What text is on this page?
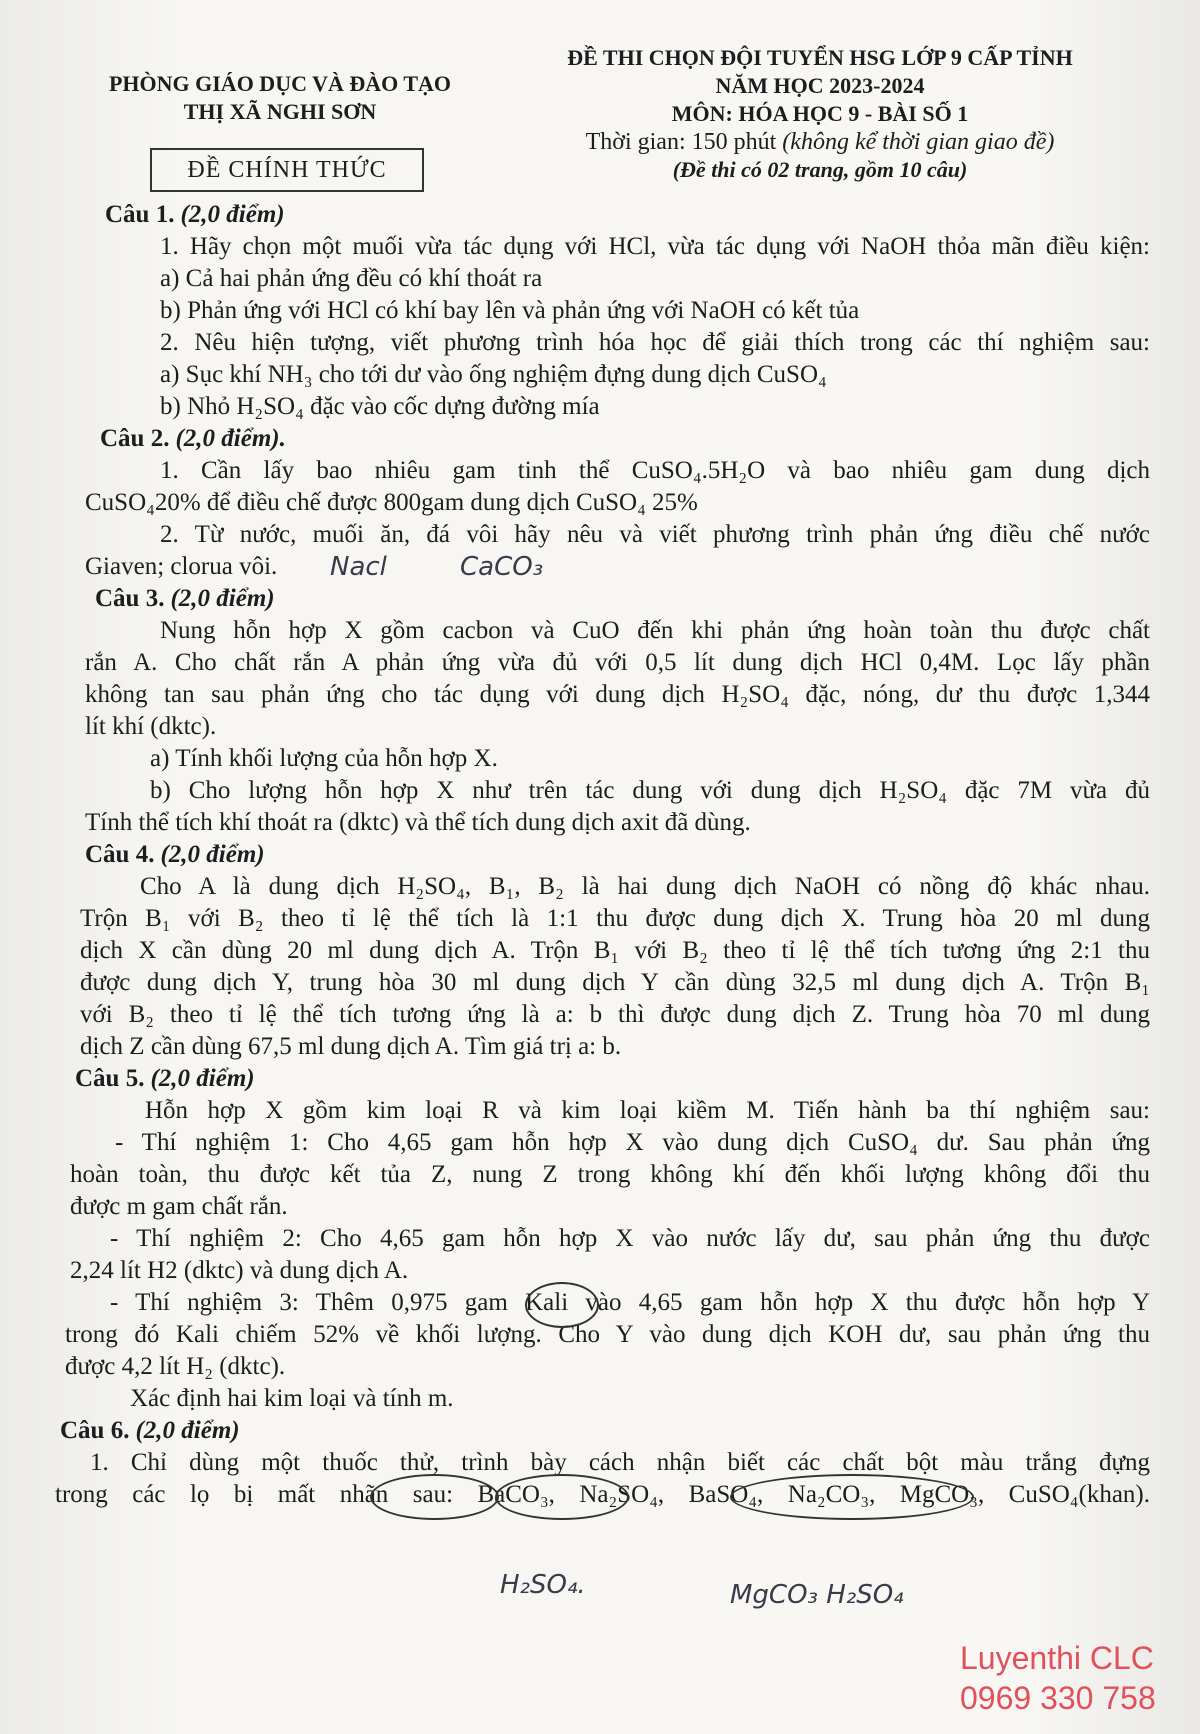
PHÒNG GIÁO DỤC VÀ ĐÀO TẠO
THỊ XÃ NGHI SƠN
ĐỀ CHÍNH THỨC
ĐỀ THI CHỌN ĐỘI TUYỂN HSG LỚP 9 CẤP TỈNH
NĂM HỌC 2023-2024
MÔN: HÓA HỌC 9 - BÀI SỐ 1
Thời gian: 150 phút (không kể thời gian giao đề)
(Đề thi có 02 trang, gồm 10 câu)
Câu 1. (2,0 điểm)
1. Hãy chọn một muối vừa tác dụng với HCl, vừa tác dụng với NaOH thỏa mãn điều kiện:
a) Cả hai phản ứng đều có khí thoát ra
b) Phản ứng với HCl có khí bay lên và phản ứng với NaOH có kết tủa
2. Nêu hiện tượng, viết phương trình hóa học để giải thích trong các thí nghiệm sau:
a) Sục khí NH₃ cho tới dư vào ống nghiệm đựng dung dịch CuSO₄
b) Nhỏ H₂SO₄ đặc vào cốc dựng đường mía
Câu 2. (2,0 điểm).
1. Cần lấy bao nhiêu gam tinh thể CuSO₄.5H₂O và bao nhiêu gam dung dịch
CuSO₄20% để điều chế được 800gam dung dịch CuSO₄ 25%
2. Từ nước, muối ăn, đá vôi hãy nêu và viết phương trình phản ứng điều chế nước
Giaven; clorua vôi.
Câu 3. (2,0 điểm)
Nung hỗn hợp X gồm cacbon và CuO đến khi phản ứng hoàn toàn thu được chất
rắn A. Cho chất rắn A phản ứng vừa đủ với 0,5 lít dung dịch HCl 0,4M. Lọc lấy phần
không tan sau phản ứng cho tác dụng với dung dịch H₂SO₄ đặc, nóng, dư thu được 1,344
lít khí (dktc).
a) Tính khối lượng của hỗn hợp X.
b) Cho lượng hỗn hợp X như trên tác dung với dung dịch H₂SO₄ đặc 7M vừa đủ
Tính thể tích khí thoát ra (dktc) và thể tích dung dịch axit đã dùng.
Câu 4. (2,0 điểm)
Cho A là dung dịch H₂SO₄, B₁, B₂ là hai dung dịch NaOH có nồng độ khác nhau.
Trộn B₁ với B₂ theo tỉ lệ thể tích là 1:1 thu được dung dịch X. Trung hòa 20 ml dung
dịch X cần dùng 20 ml dung dịch A. Trộn B₁ với B₂ theo tỉ lệ thể tích tương ứng 2:1 thu
được dung dịch Y, trung hòa 30 ml dung dịch Y cần dùng 32,5 ml dung dịch A. Trộn B₁
với B₂ theo tỉ lệ thể tích tương ứng là a: b thì được dung dịch Z. Trung hòa 70 ml dung
dịch Z cần dùng 67,5 ml dung dịch A. Tìm giá trị a: b.
Câu 5. (2,0 điểm)
Hỗn hợp X gồm kim loại R và kim loại kiềm M. Tiến hành ba thí nghiệm sau:
- Thí nghiệm 1: Cho 4,65 gam hỗn hợp X vào dung dịch CuSO₄ dư. Sau phản ứng
hoàn toàn, thu được kết tủa Z, nung Z trong không khí đến khối lượng không đổi thu
được m gam chất rắn.
- Thí nghiệm 2: Cho 4,65 gam hỗn hợp X vào nước lấy dư, sau phản ứng thu được
2,24 lít H2 (dktc) và dung dịch A.
- Thí nghiệm 3: Thêm 0,975 gam Kali vào 4,65 gam hỗn hợp X thu được hỗn hợp Y
trong đó Kali chiếm 52% về khối lượng. Cho Y vào dung dịch KOH dư, sau phản ứng thu
được 4,2 lít H₂ (dktc).
Xác định hai kim loại và tính m.
Câu 6. (2,0 điểm)
1. Chỉ dùng một thuốc thử, trình bày cách nhận biết các chất bột màu trắng đựng
trong các lọ bị mất nhãn sau: BaCO₃, Na₂SO₄, BaSO₄, Na₂CO₃, MgCO₃, CuSO₄(khan).
Nacl	CaCO₃
H₂SO₄.	MgCO₃ H₂SO₄
Luyenthi CLC
0969 330 758
